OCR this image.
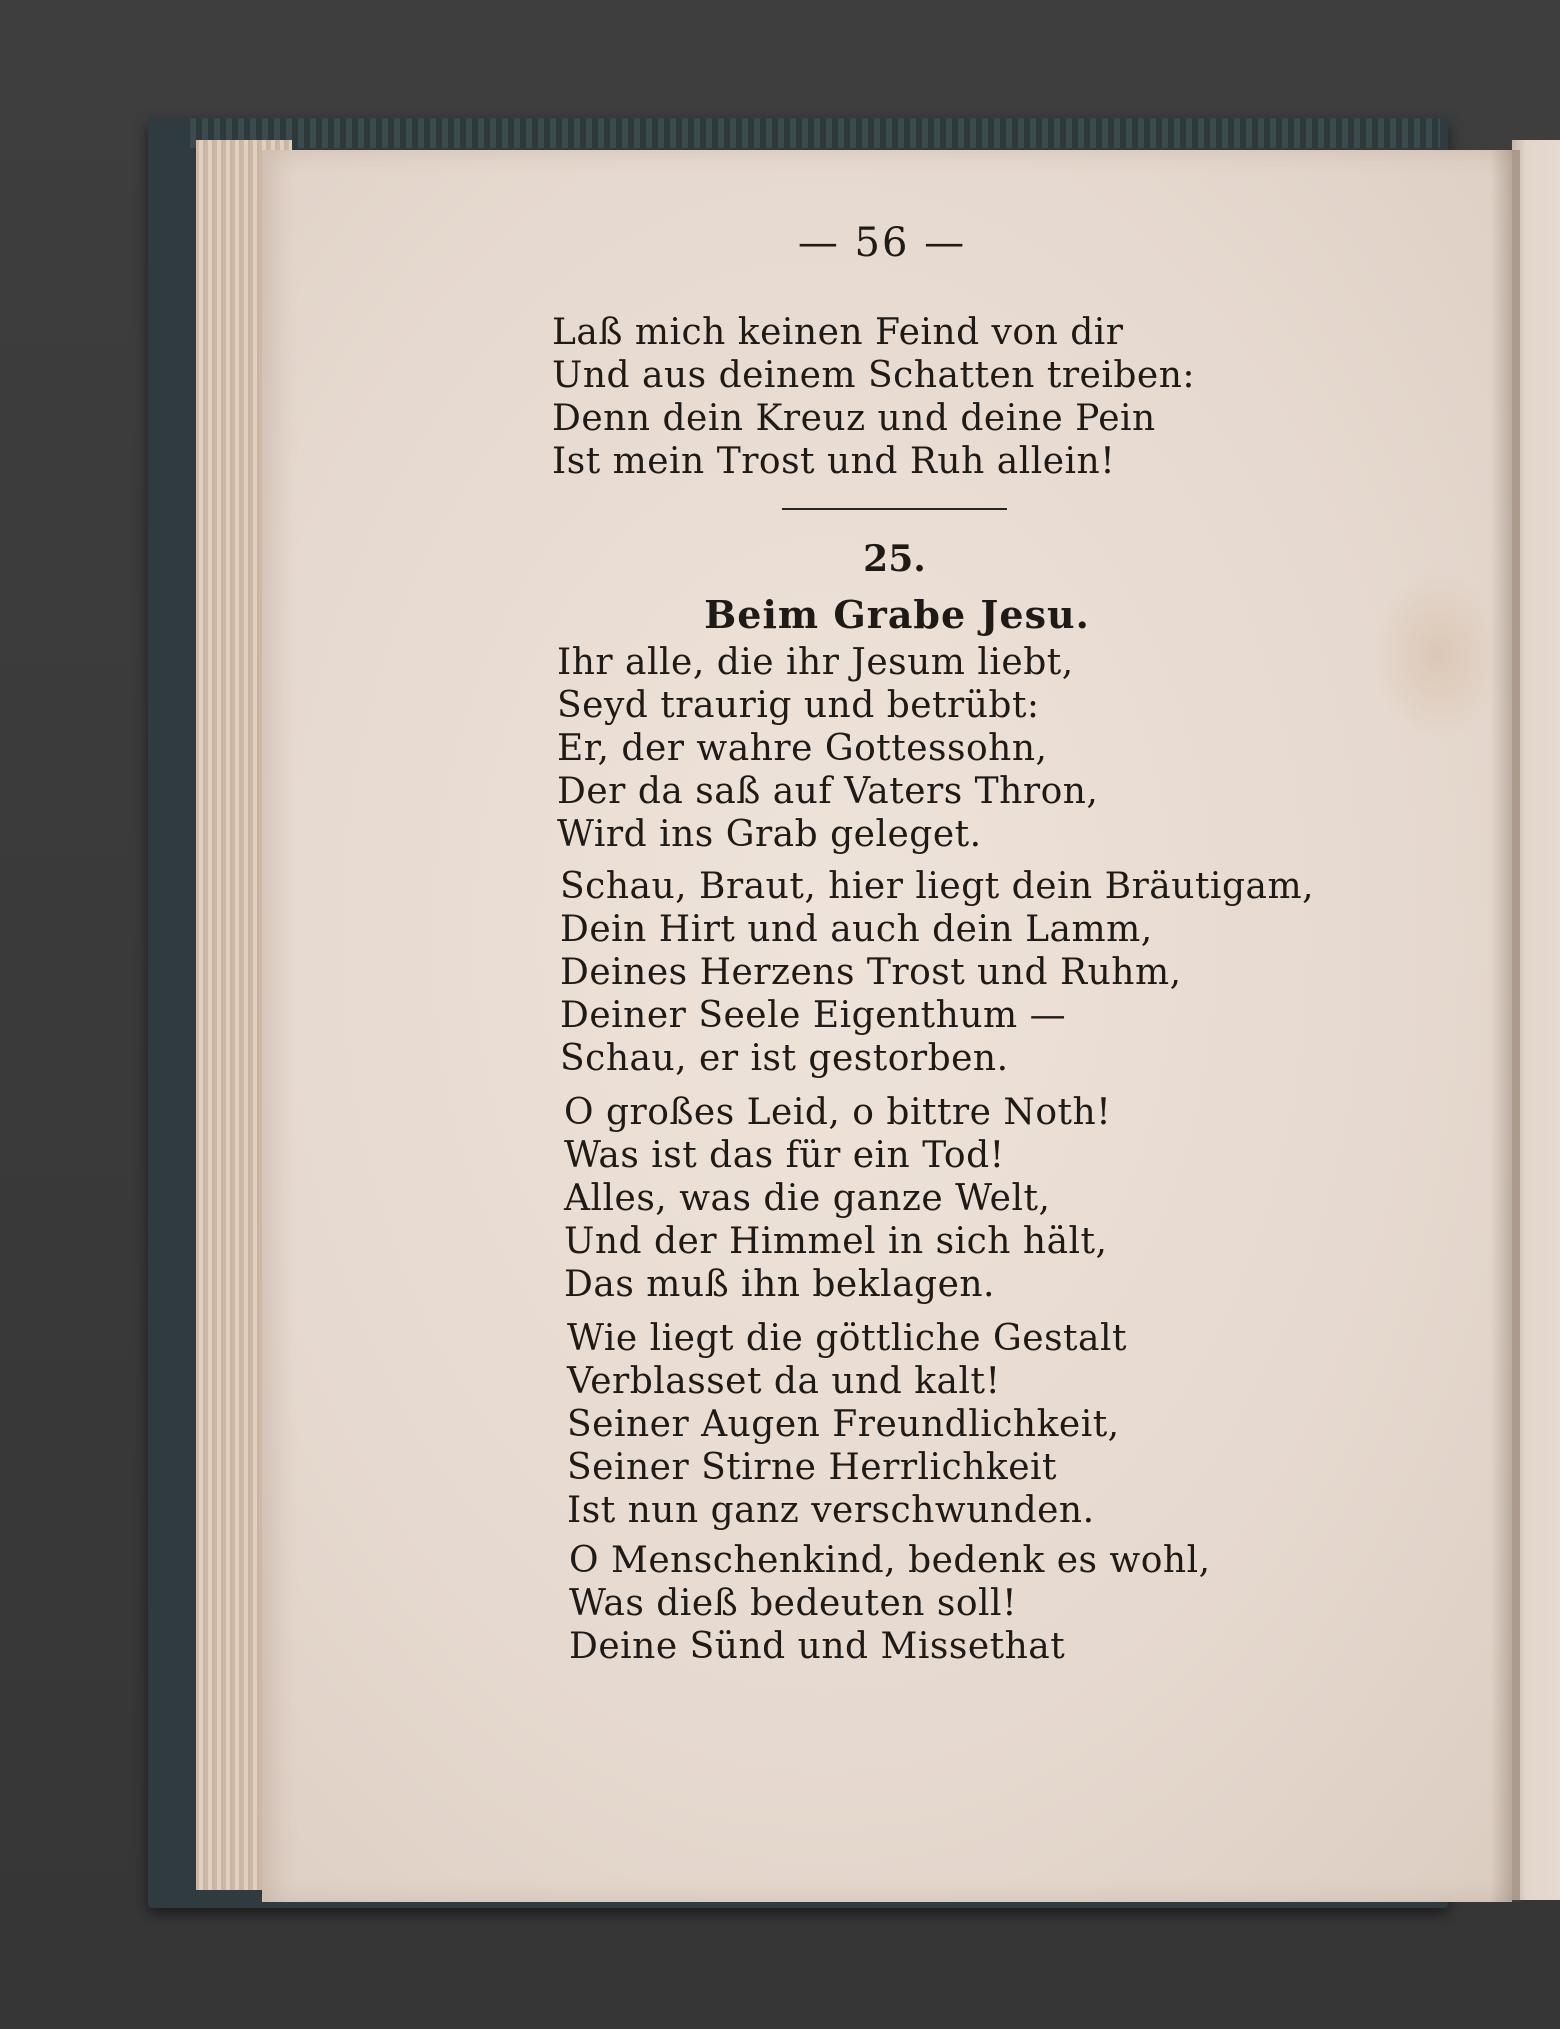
— 56 —
Laß mich keinen Feind von dir
Und aus deinem Schatten treiben:
Denn dein Kreuz und deine Pein
Ist mein Trost und Ruh allein!
25.
Beim Grabe Jesu.
Ihr alle, die ihr Jesum liebt,
Seyd traurig und betrübt:
Er, der wahre Gottessohn,
Der da saß auf Vaters Thron,
Wird ins Grab geleget.
Schau, Braut, hier liegt dein Bräutigam,
Dein Hirt und auch dein Lamm,
Deines Herzens Trost und Ruhm,
Deiner Seele Eigenthum —
Schau, er ist gestorben.
O großes Leid, o bittre Noth!
Was ist das für ein Tod!
Alles, was die ganze Welt,
Und der Himmel in sich hält,
Das muß ihn beklagen.
Wie liegt die göttliche Gestalt
Verblasset da und kalt!
Seiner Augen Freundlichkeit,
Seiner Stirne Herrlichkeit
Ist nun ganz verschwunden.
O Menschenkind, bedenk es wohl,
Was dieß bedeuten soll!
Deine Sünd und Missethat
